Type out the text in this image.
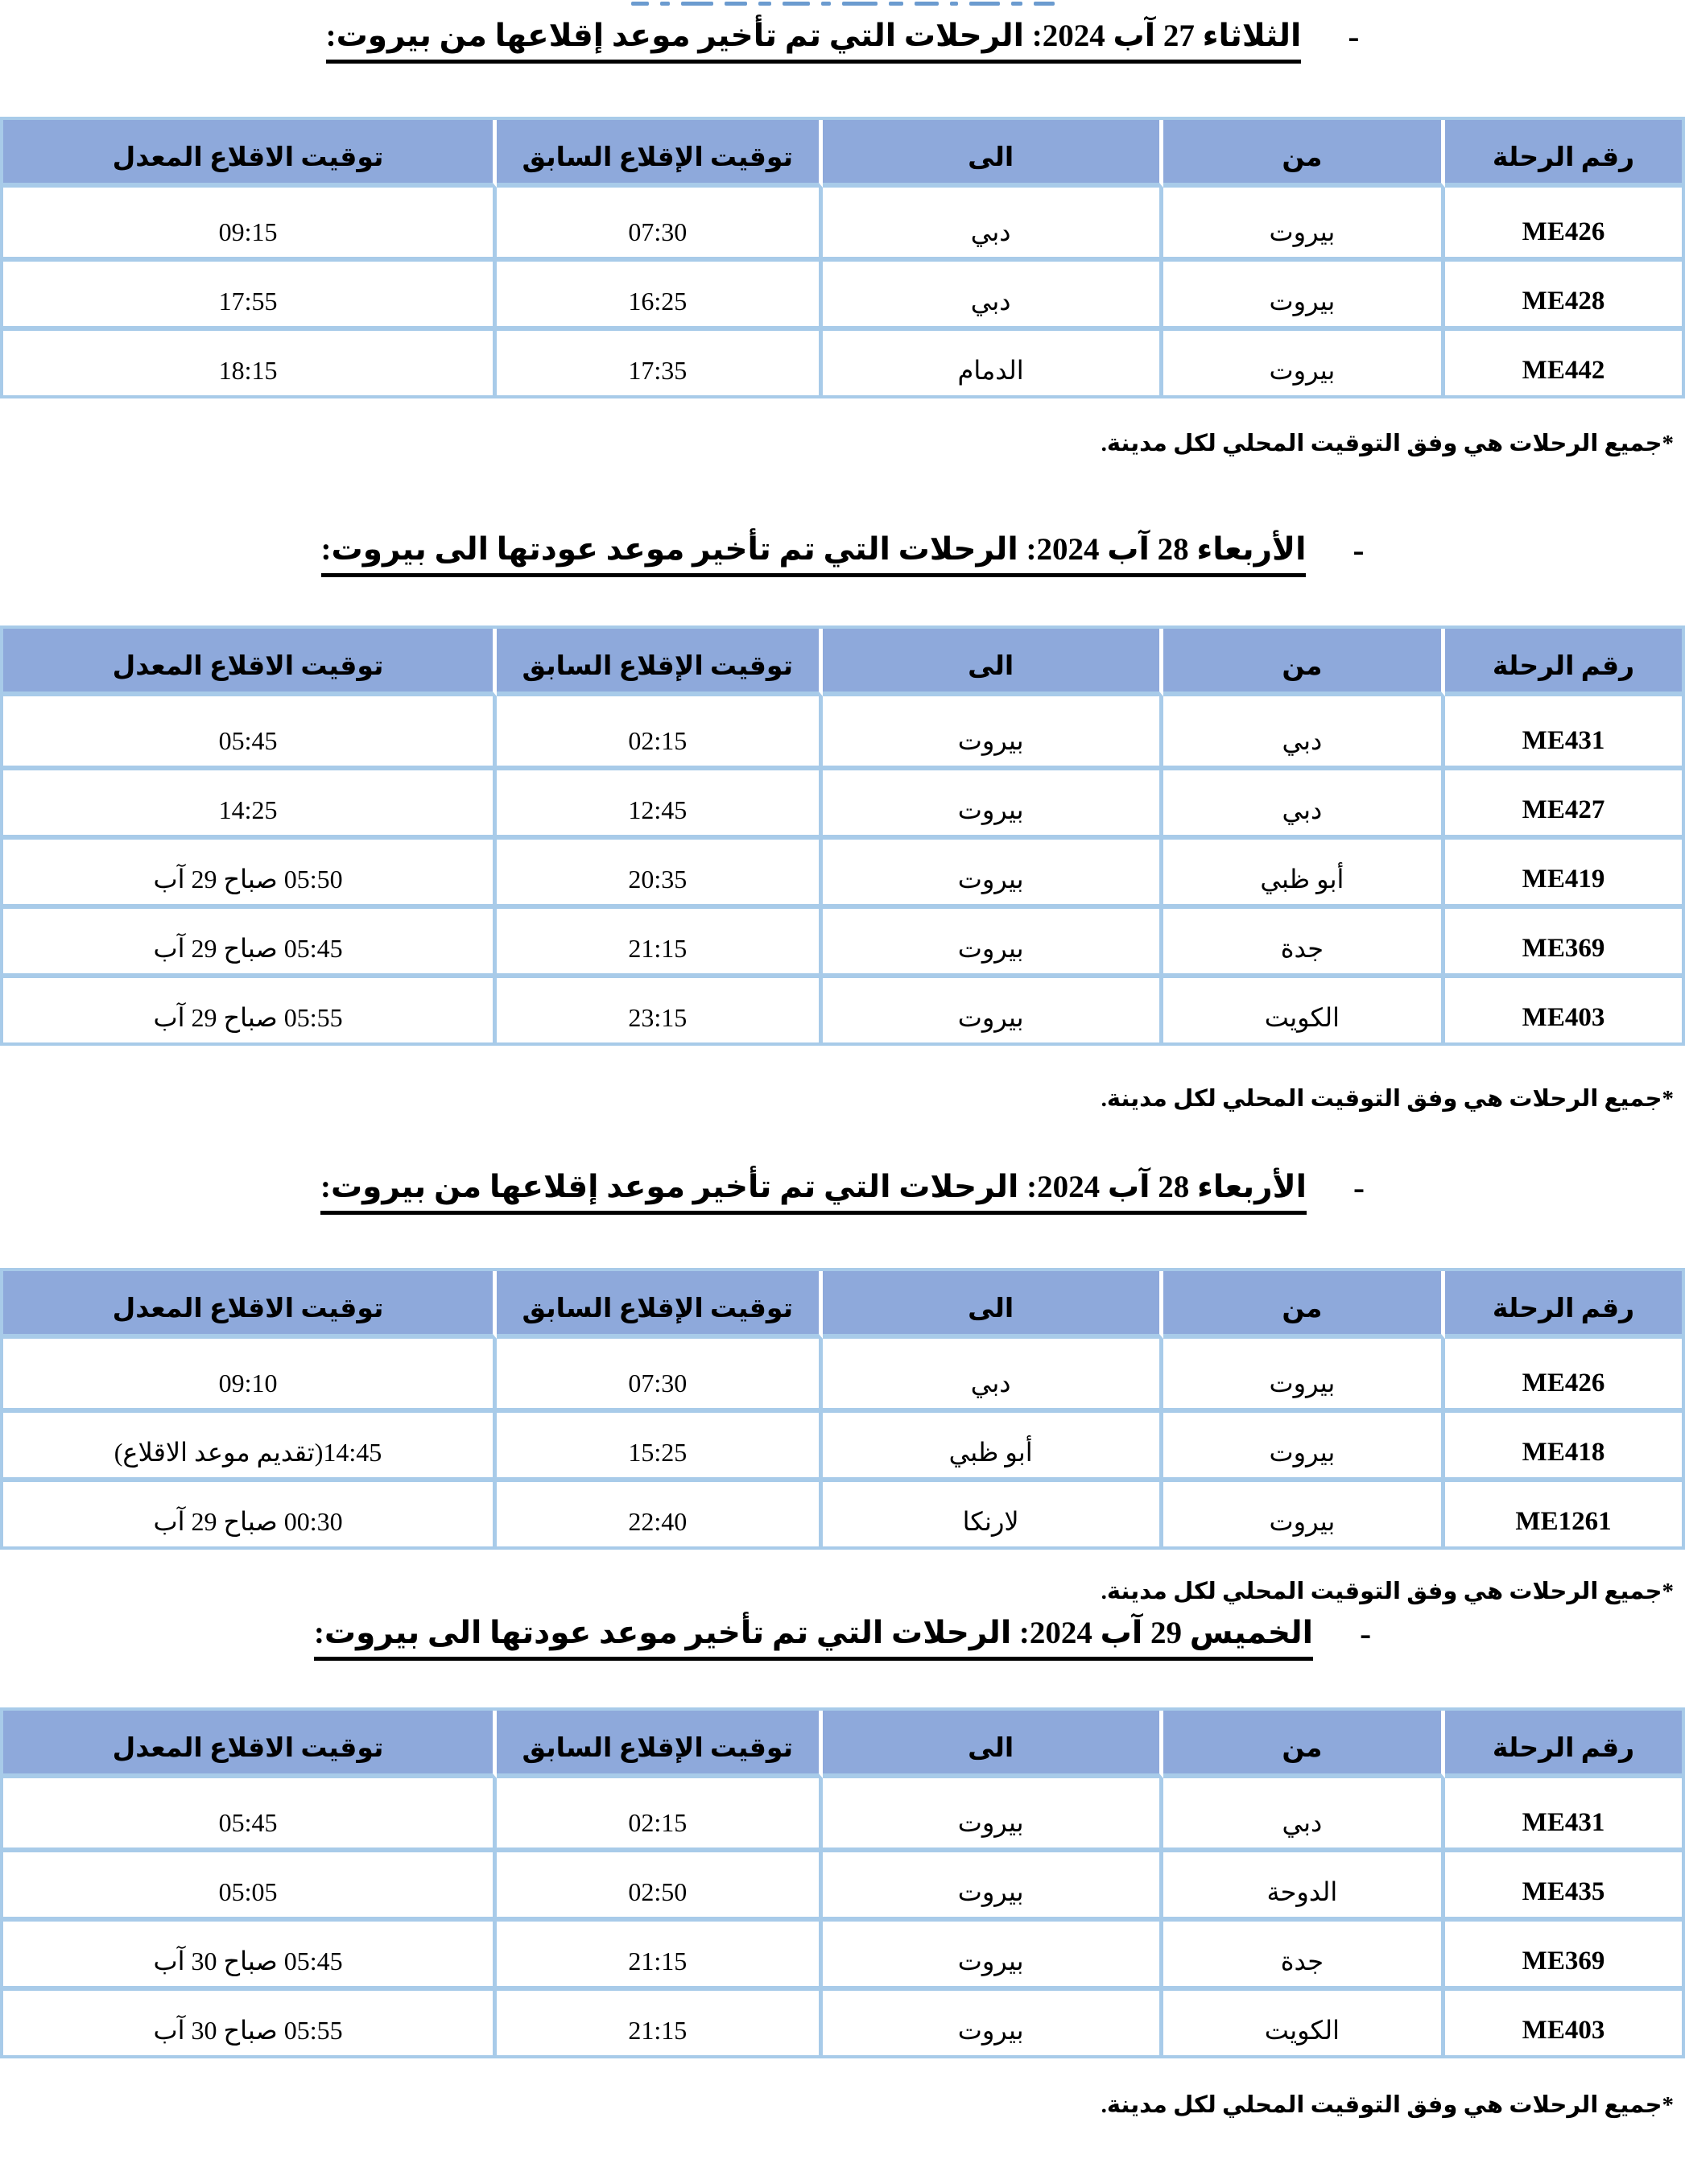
-الثلاثاء 27 آب 2024: الرحلات التي تم تأخير موعد إقلاعها من بيروت:
رقم الرحلة	من	الى	توقيت الإقلاع السابق	توقيت الاقلاع المعدل
ME426	بيروت	دبي	07:30	09:15
ME428	بيروت	دبي	16:25	17:55
ME442	بيروت	الدمام	17:35	18:15
*جميع الرحلات هي وفق التوقيت المحلي لكل مدينة.
-الأربعاء 28 آب 2024: الرحلات التي تم تأخير موعد عودتها الى بيروت:
رقم الرحلة	من	الى	توقيت الإقلاع السابق	توقيت الاقلاع المعدل
ME431	دبي	بيروت	02:15	05:45
ME427	دبي	بيروت	12:45	14:25
ME419	أبو ظبي	بيروت	20:35	05:50 صباح 29 آب
ME369	جدة	بيروت	21:15	05:45 صباح 29 آب
ME403	الكويت	بيروت	23:15	05:55 صباح 29 آب
*جميع الرحلات هي وفق التوقيت المحلي لكل مدينة.
-الأربعاء 28 آب 2024: الرحلات التي تم تأخير موعد إقلاعها من بيروت:
رقم الرحلة	من	الى	توقيت الإقلاع السابق	توقيت الاقلاع المعدل
ME426	بيروت	دبي	07:30	09:10
ME418	بيروت	أبو ظبي	15:25	14:45(تقديم موعد الاقلاع)
ME1261	بيروت	لارنكا	22:40	00:30 صباح 29 آب
*جميع الرحلات هي وفق التوقيت المحلي لكل مدينة.
-الخميس 29 آب 2024: الرحلات التي تم تأخير موعد عودتها الى بيروت:
رقم الرحلة	من	الى	توقيت الإقلاع السابق	توقيت الاقلاع المعدل
ME431	دبي	بيروت	02:15	05:45
ME435	الدوحة	بيروت	02:50	05:05
ME369	جدة	بيروت	21:15	05:45 صباح 30 آب
ME403	الكويت	بيروت	21:15	05:55 صباح 30 آب
*جميع الرحلات هي وفق التوقيت المحلي لكل مدينة.
